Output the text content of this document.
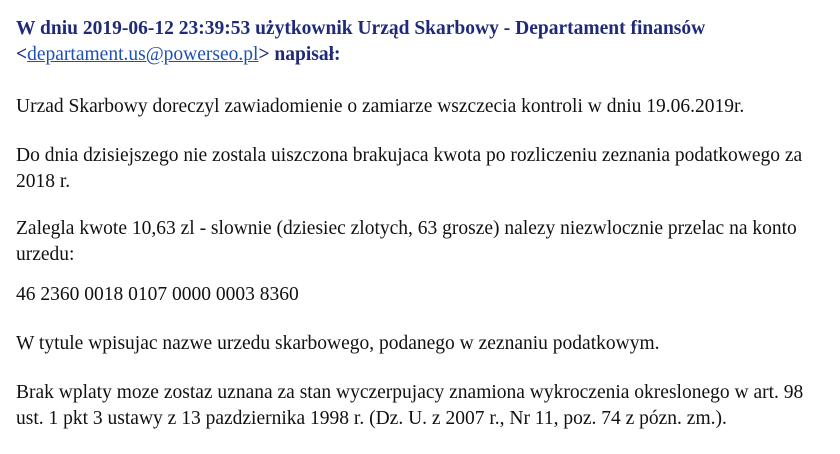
W dniu 2019-06-12 23:39:53 użytkownik Urząd Skarbowy - Departament finansów
<departament.us@powerseo.pl> napisał:

Urzad Skarbowy doreczyl zawiadomienie o zamiarze wszczecia kontroli w dniu 19.06.2019r.

Do dnia dzisiejszego nie zostala uiszczona brakujaca kwota po rozliczeniu zeznania podatkowego za 2018 r.

Zalegla kwote 10,63 zl - slownie (dziesiec zlotych, 63 grosze) nalezy niezwlocznie przelac na konto urzedu:

46 2360 0018 0107 0000 0003 8360

W tytule wpisujac nazwe urzedu skarbowego, podanego w zeznaniu podatkowym.

Brak wplaty moze zostaz uznana za stan wyczerpujacy znamiona wykroczenia okreslonego w art. 98 ust. 1 pkt 3 ustawy z 13 pazdziernika 1998 r. (Dz. U. z 2007 r., Nr 11, poz. 74 z pózn. zm.).
